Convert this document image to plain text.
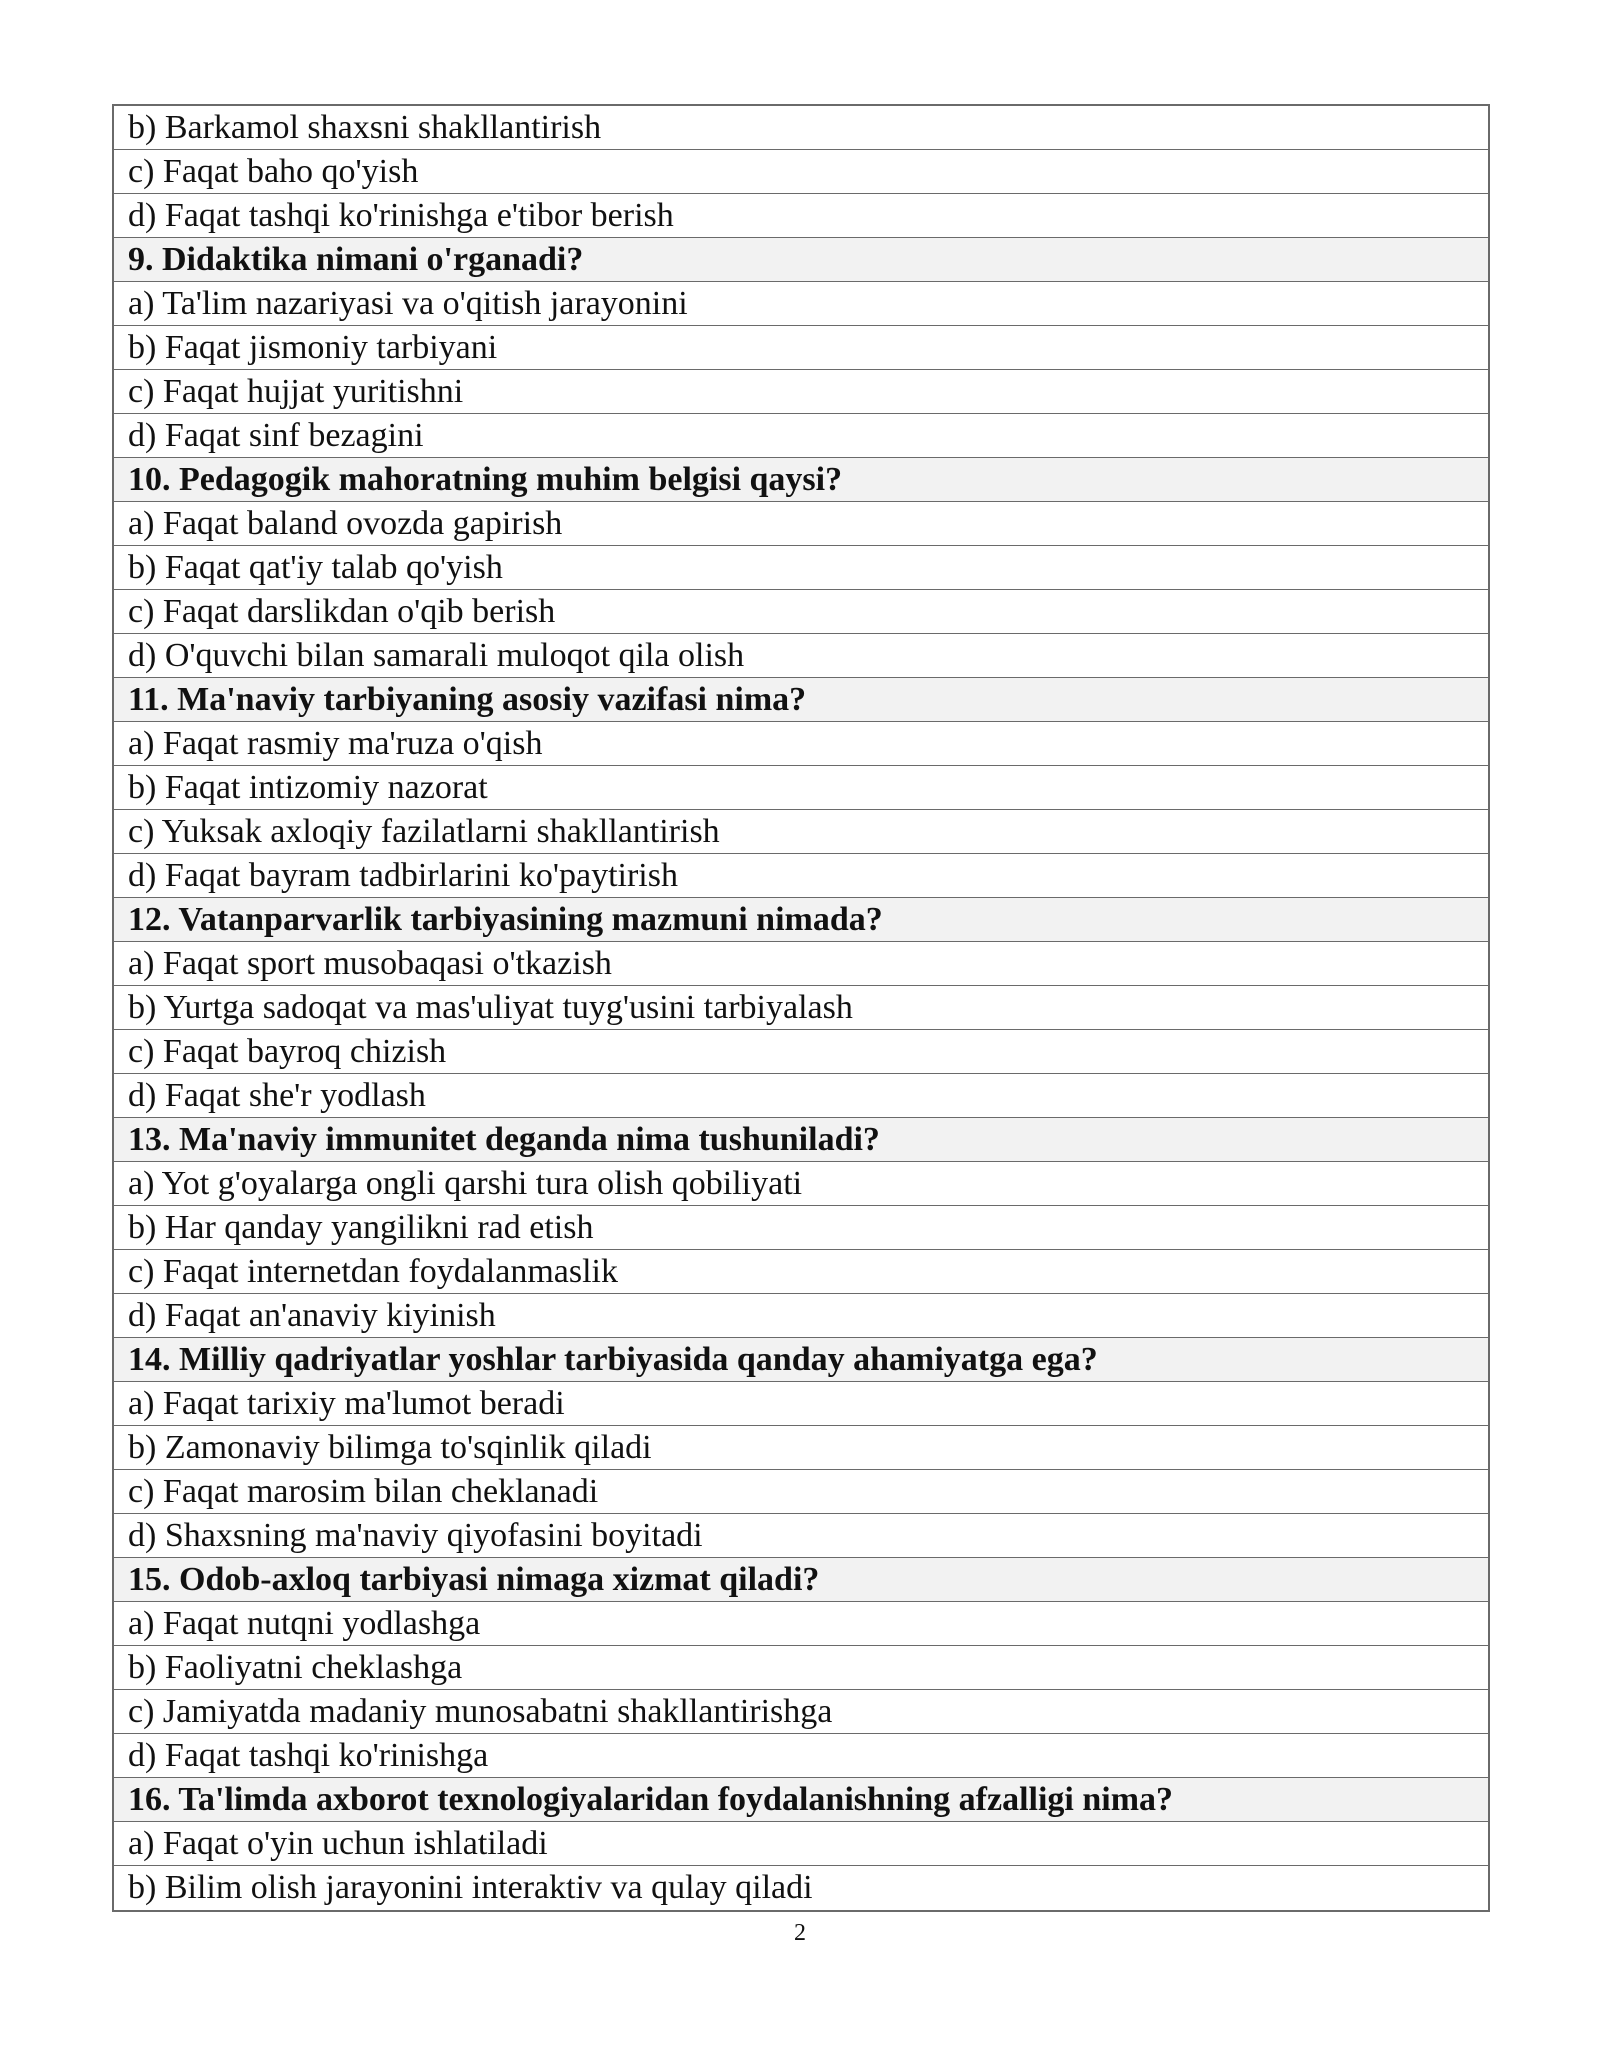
b) Barkamol shaxsni shakllantirish
c) Faqat baho qo'yish
d) Faqat tashqi ko'rinishga e'tibor berish
9. Didaktika nimani o'rganadi?
a) Ta'lim nazariyasi va o'qitish jarayonini
b) Faqat jismoniy tarbiyani
c) Faqat hujjat yuritishni
d) Faqat sinf bezagini
10. Pedagogik mahoratning muhim belgisi qaysi?
a) Faqat baland ovozda gapirish
b) Faqat qat'iy talab qo'yish
c) Faqat darslikdan o'qib berish
d) O'quvchi bilan samarali muloqot qila olish
11. Ma'naviy tarbiyaning asosiy vazifasi nima?
a) Faqat rasmiy ma'ruza o'qish
b) Faqat intizomiy nazorat
c) Yuksak axloqiy fazilatlarni shakllantirish
d) Faqat bayram tadbirlarini ko'paytirish
12. Vatanparvarlik tarbiyasining mazmuni nimada?
a) Faqat sport musobaqasi o'tkazish
b) Yurtga sadoqat va mas'uliyat tuyg'usini tarbiyalash
c) Faqat bayroq chizish
d) Faqat she'r yodlash
13. Ma'naviy immunitet deganda nima tushuniladi?
a) Yot g'oyalarga ongli qarshi tura olish qobiliyati
b) Har qanday yangilikni rad etish
c) Faqat internetdan foydalanmaslik
d) Faqat an'anaviy kiyinish
14. Milliy qadriyatlar yoshlar tarbiyasida qanday ahamiyatga ega?
a) Faqat tarixiy ma'lumot beradi
b) Zamonaviy bilimga to'sqinlik qiladi
c) Faqat marosim bilan cheklanadi
d) Shaxsning ma'naviy qiyofasini boyitadi
15. Odob-axloq tarbiyasi nimaga xizmat qiladi?
a) Faqat nutqni yodlashga
b) Faoliyatni cheklashga
c) Jamiyatda madaniy munosabatni shakllantirishga
d) Faqat tashqi ko'rinishga
16. Ta'limda axborot texnologiyalaridan foydalanishning afzalligi nima?
a) Faqat o'yin uchun ishlatiladi
b) Bilim olish jarayonini interaktiv va qulay qiladi
2
